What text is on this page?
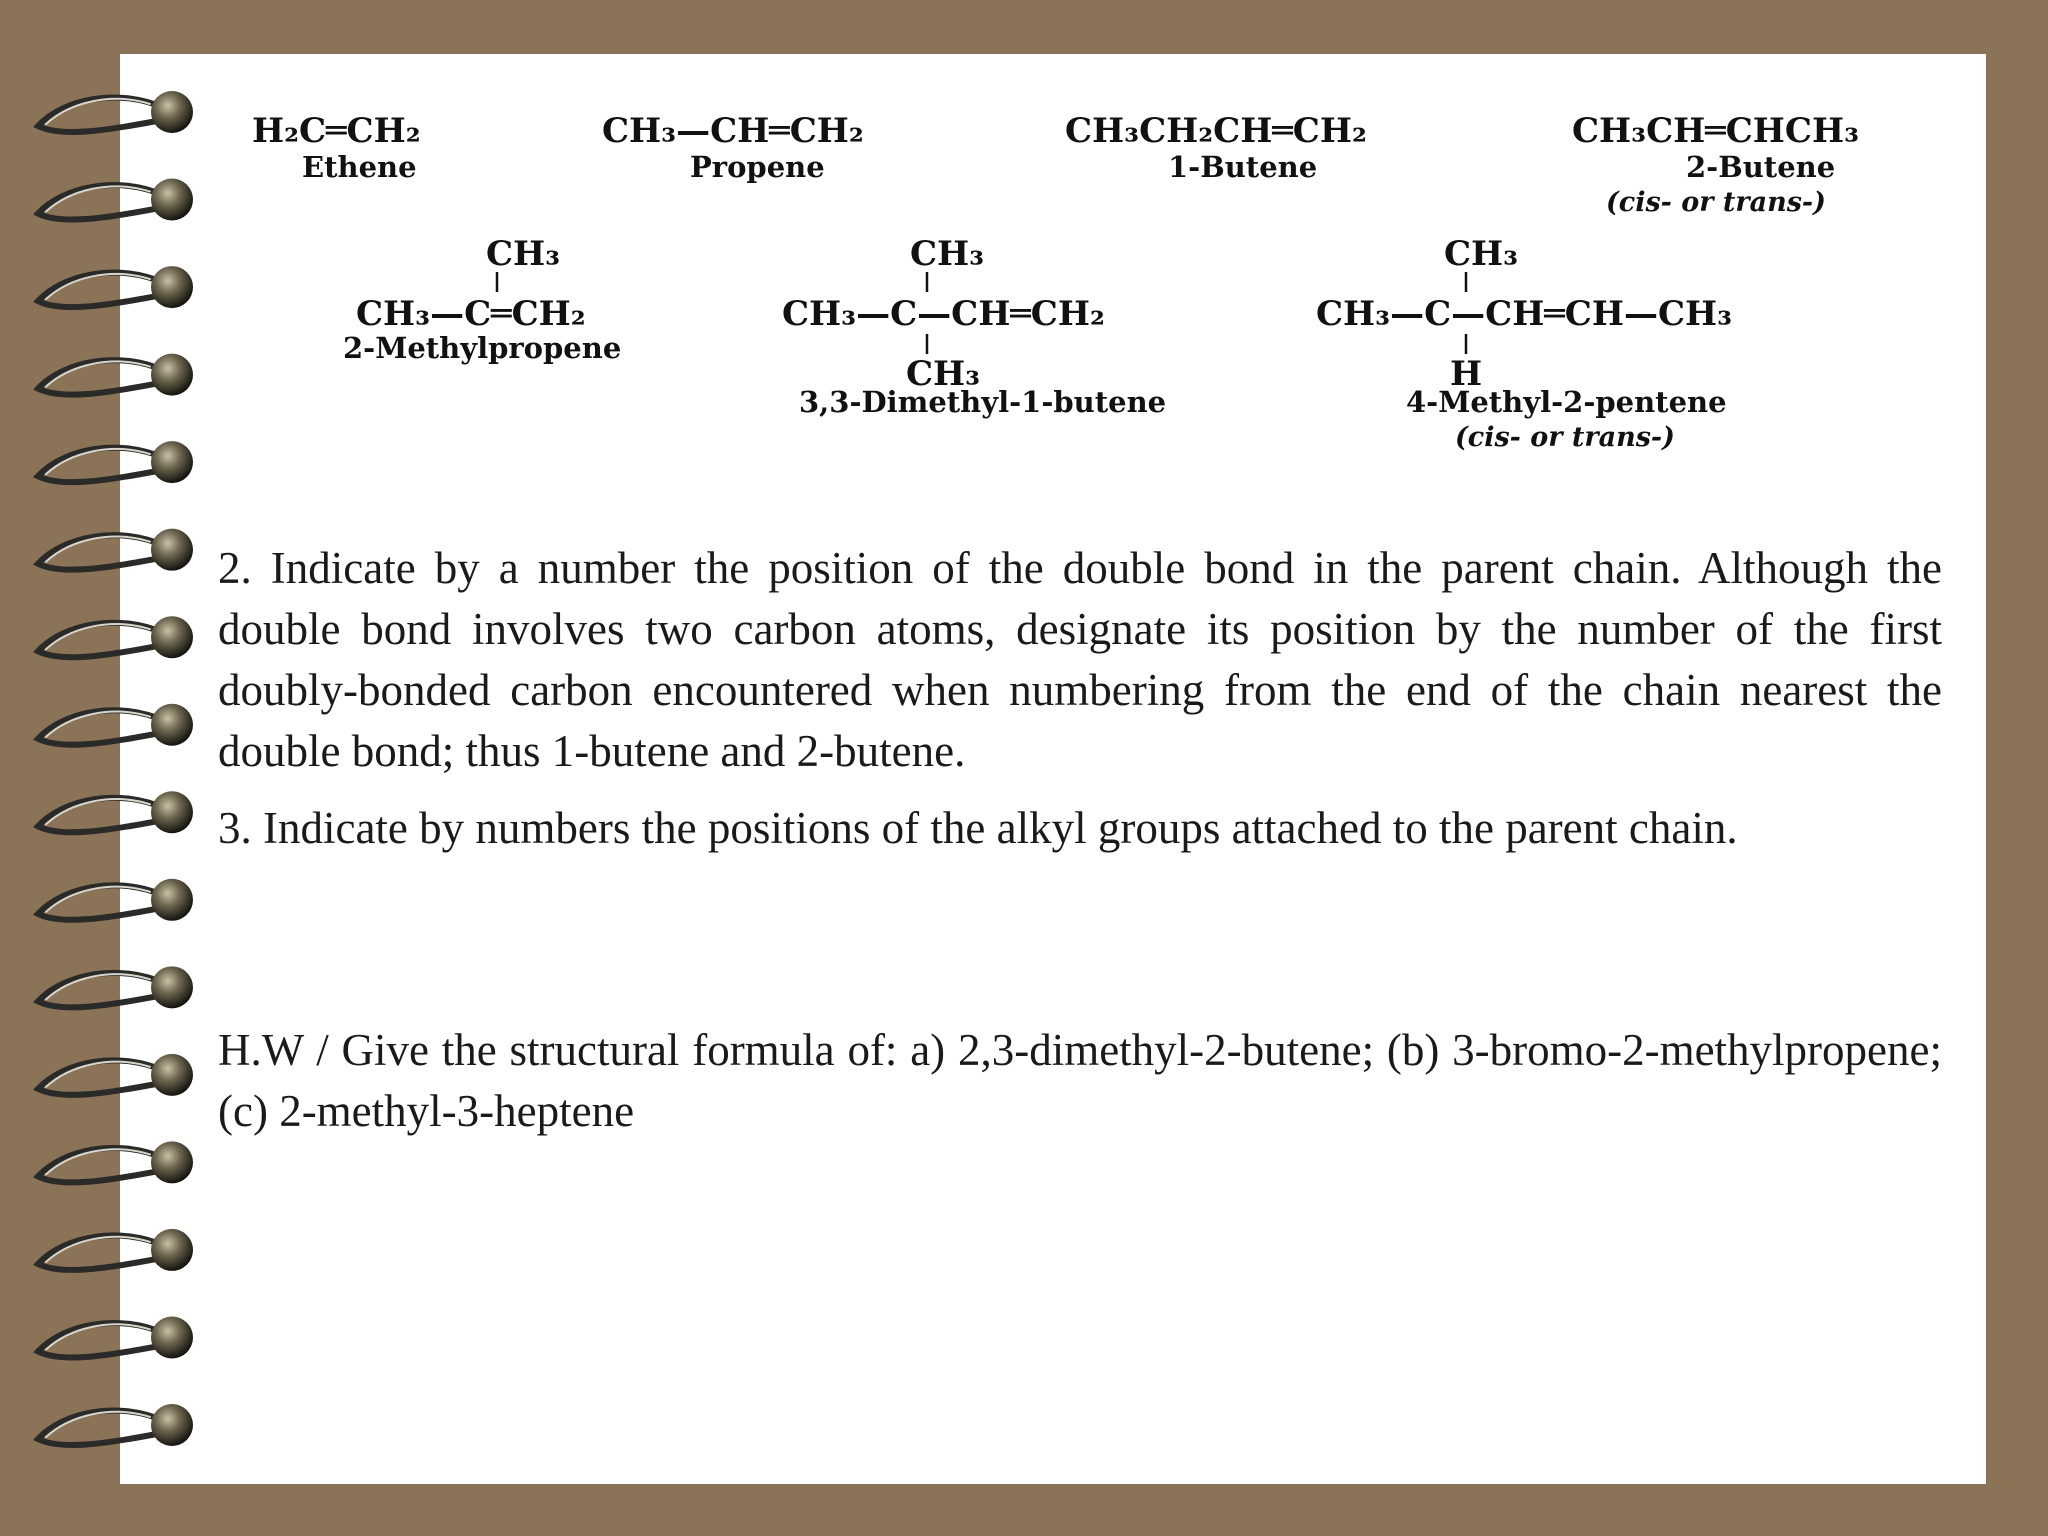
H₂C═CH₂
Ethene
CH₃—CH═CH₂
Propene
CH₃CH₂CH═CH₂
1-Butene
CH₃CH═CHCH₃
2-Butene
(cis- or trans-)
CH₃
CH₃—C═CH₂
2-Methylpropene
CH₃
CH₃—C—CH═CH₂
CH₃
3,3-Dimethyl-1-butene
CH₃
CH₃—C—CH═CH—CH₃
H
4-Methyl-2-pentene
(cis- or trans-)

2. Indicate by a number the position of the double bond in the parent chain. Although the double bond involves two carbon atoms, designate its position by the number of the first doubly-bonded carbon encountered when numbering from the end of the chain nearest the double bond; thus 1-butene and 2-butene.

3. Indicate by numbers the positions of the alkyl groups attached to the parent chain.

H.W / Give the structural formula of: a) 2,3-dimethyl-2-butene; (b) 3-bromo-2-methylpropene; (c) 2-methyl-3-heptene
